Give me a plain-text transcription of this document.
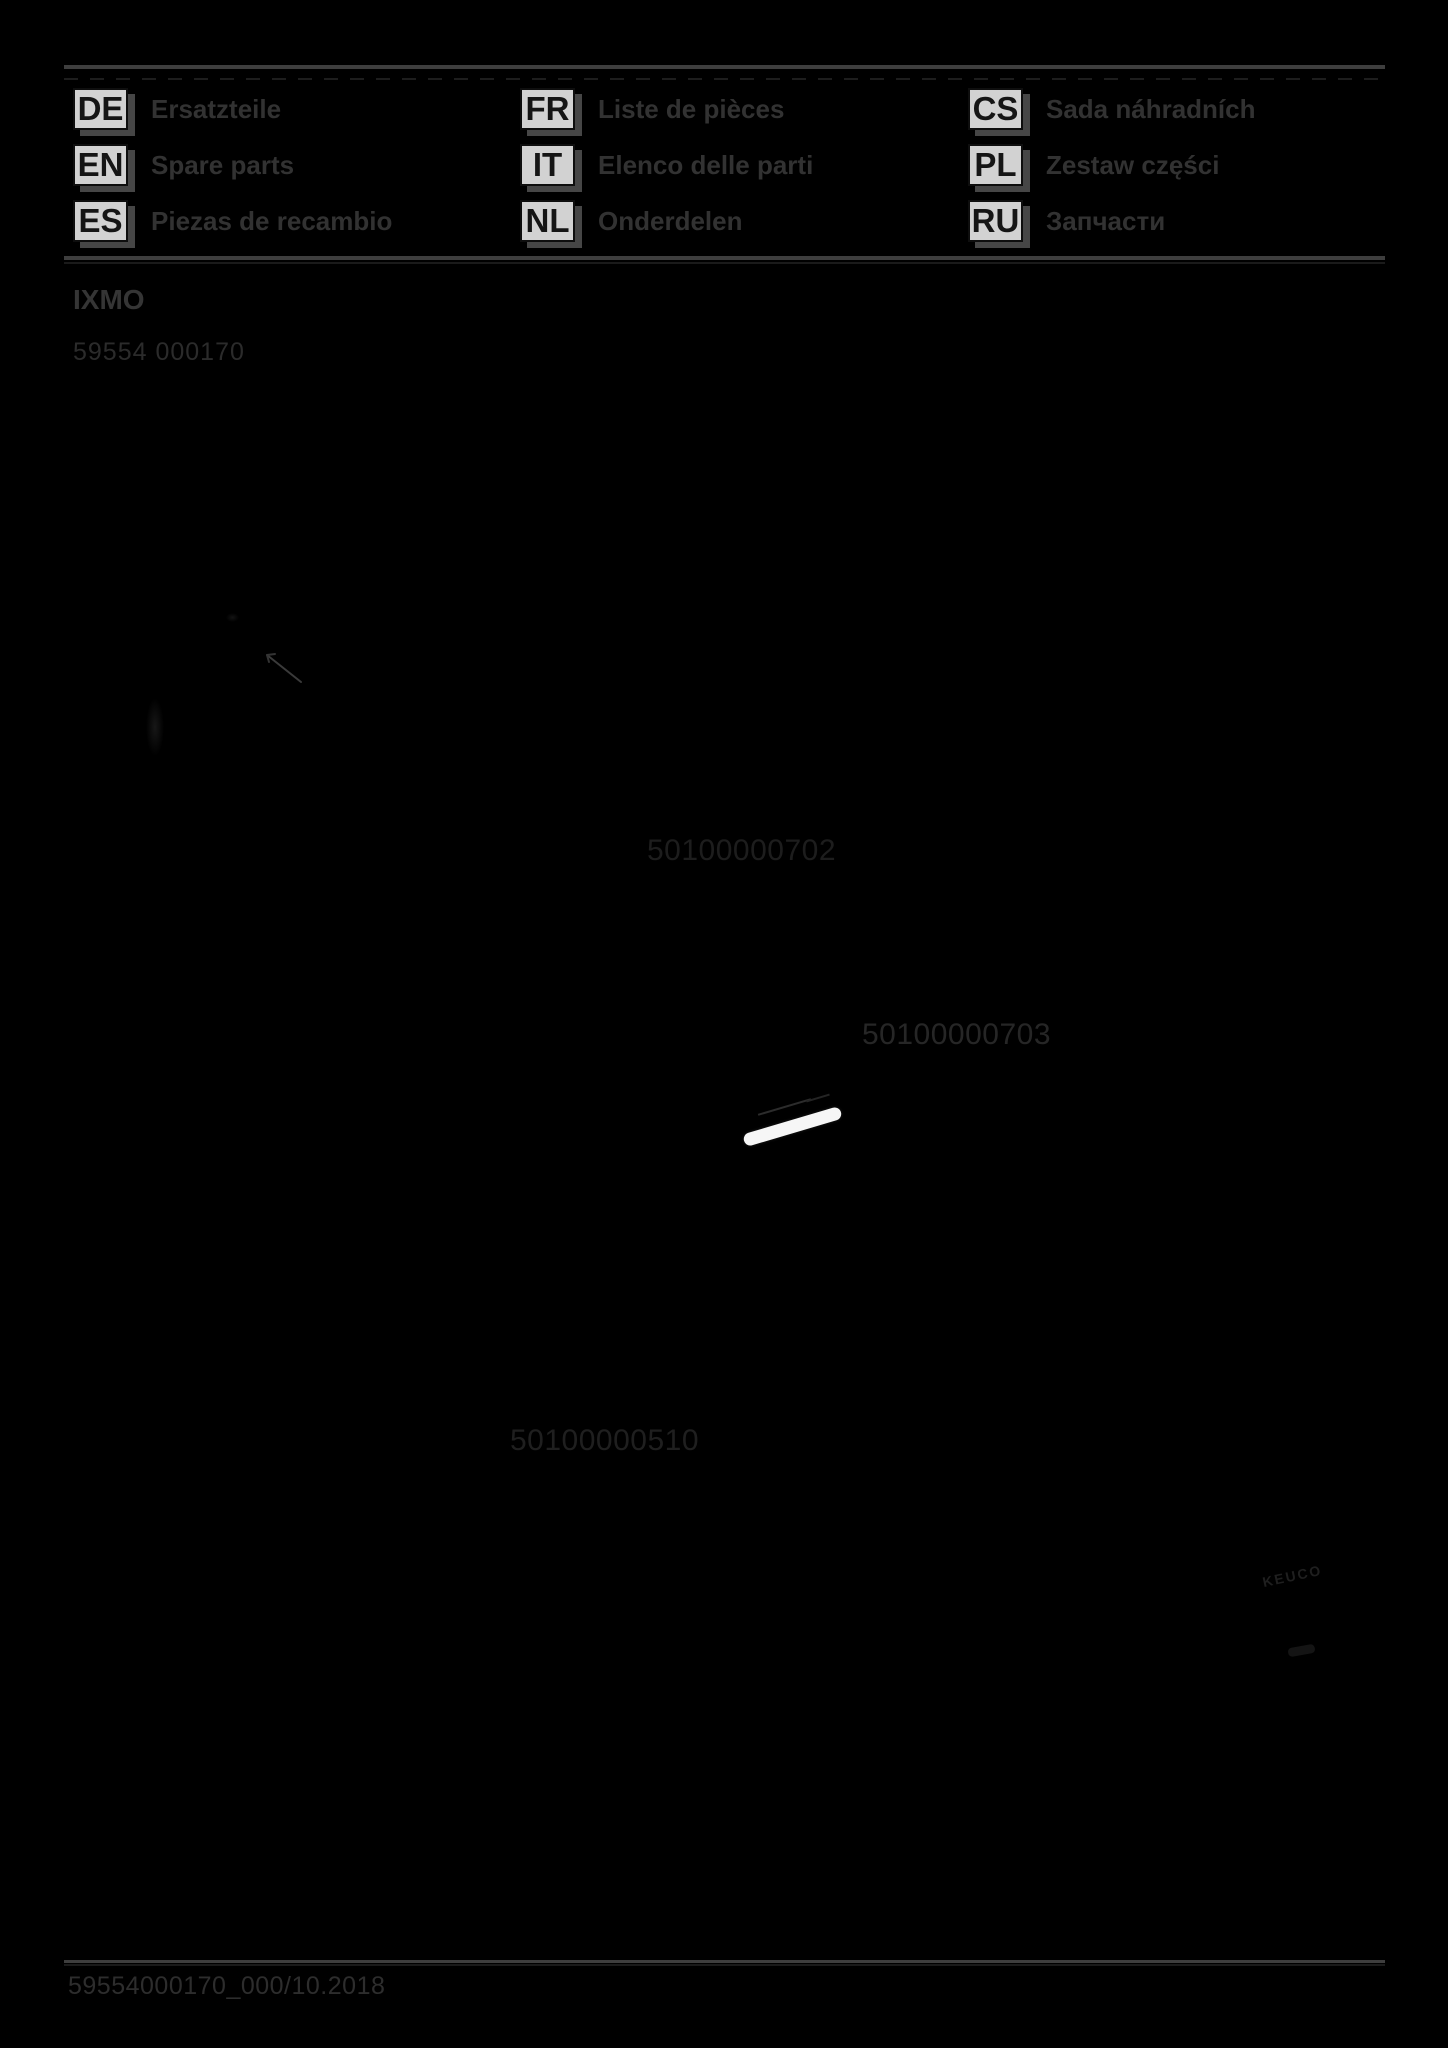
DE Ersatzteile
EN Spare parts
ES Piezas de recambio
FR Liste de pièces
IT	Elenco delle parti
NL Onderdelen
CS Sada náhradních
PL Zestaw części
RU Запчасти
IXMO
59554 000170
50100000702
50100000703
50100000510
KEUCO
59554000170_000/10.2018
